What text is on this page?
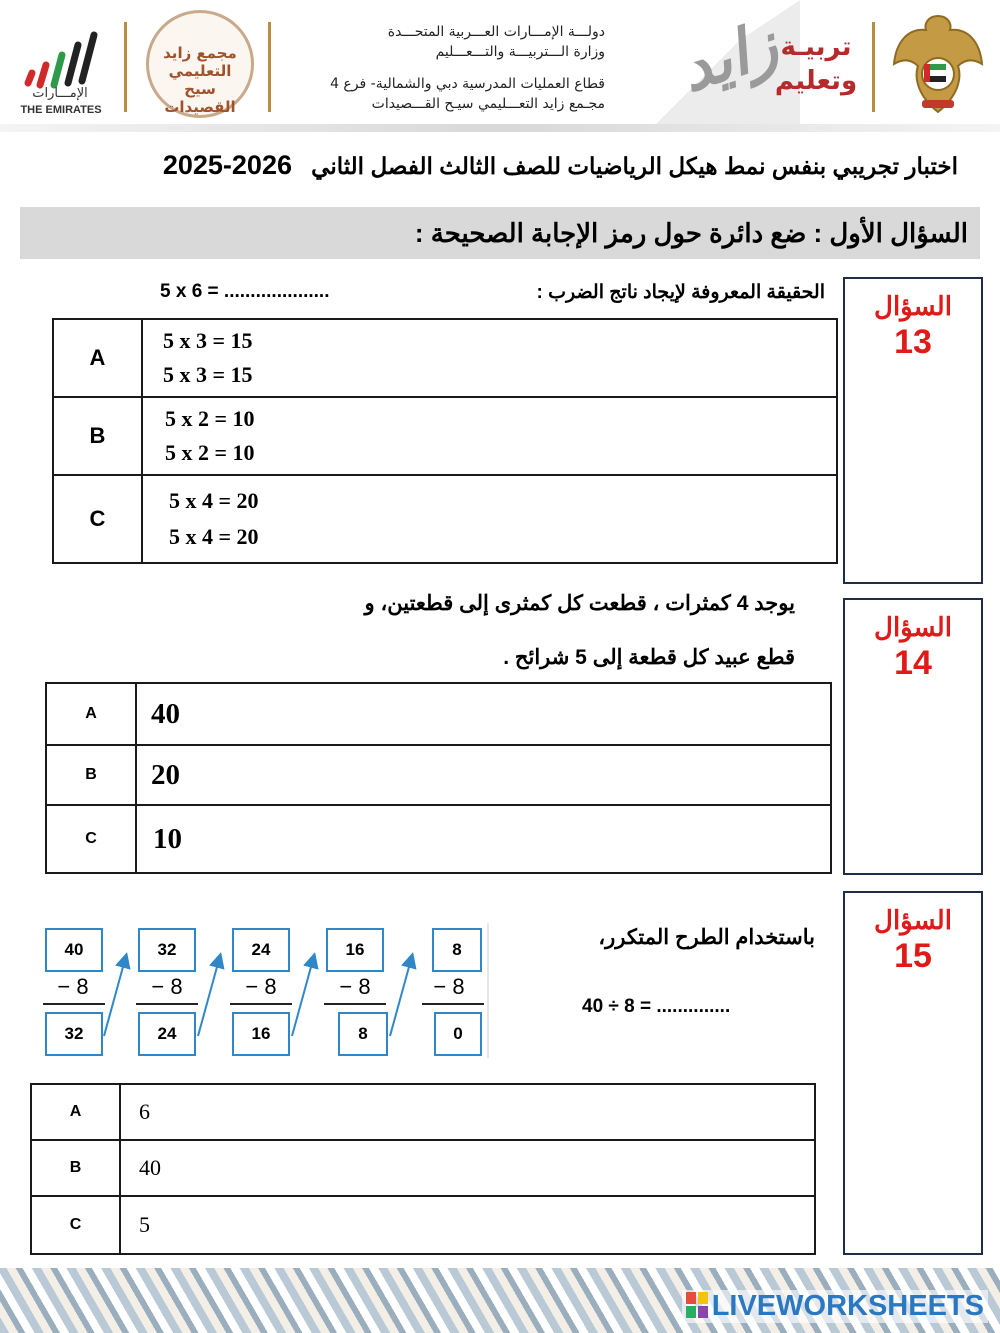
الإمـــارات
THE EMIRATES
مجمع زايد التعليمي سيح القصيدات
دولـــة الإمـــارات العـــربية المتحـــدة
وزارة الـــتربيـــة والتـــعـــليم
قطاع العمليات المدرسية دبي والشمالية- فرع 4
مجـمع زايد التعـــليمي سيـح القـــصيدات زايد
تربيـة
وتعليم
اختبار تجريبي بنفس نمط هيكل الرياضيات للصف الثالث الفصل الثاني   2025-2026
السؤال الأول : ضع دائرة حول رمز الإجابة الصحيحة :
السؤال
13
الحقيقة المعروفة لإيجاد ناتج الضرب :
5 x 6 = ....................
A	5 x 3 = 15
5 x 3 = 15

B	5 x 2 = 10
5 x 2 = 10

C	5 x 4 = 20
5 x 4 = 20
السؤال
14
يوجد 4 كمثرات ، قطعت كل كمثرى إلى قطعتين، و
قطع عبيد كل قطعة إلى 5 شرائح .
A	40
B	20
C	10
السؤال
15
باستخدام الطرح المتكرر،
40 ÷ 8 = ..............
40	32	24	16	8
− 8	− 8	− 8	− 8	− 8
32	24	16	8	0
A	6
B	40
C	5
LIVEWORKSHEETS
